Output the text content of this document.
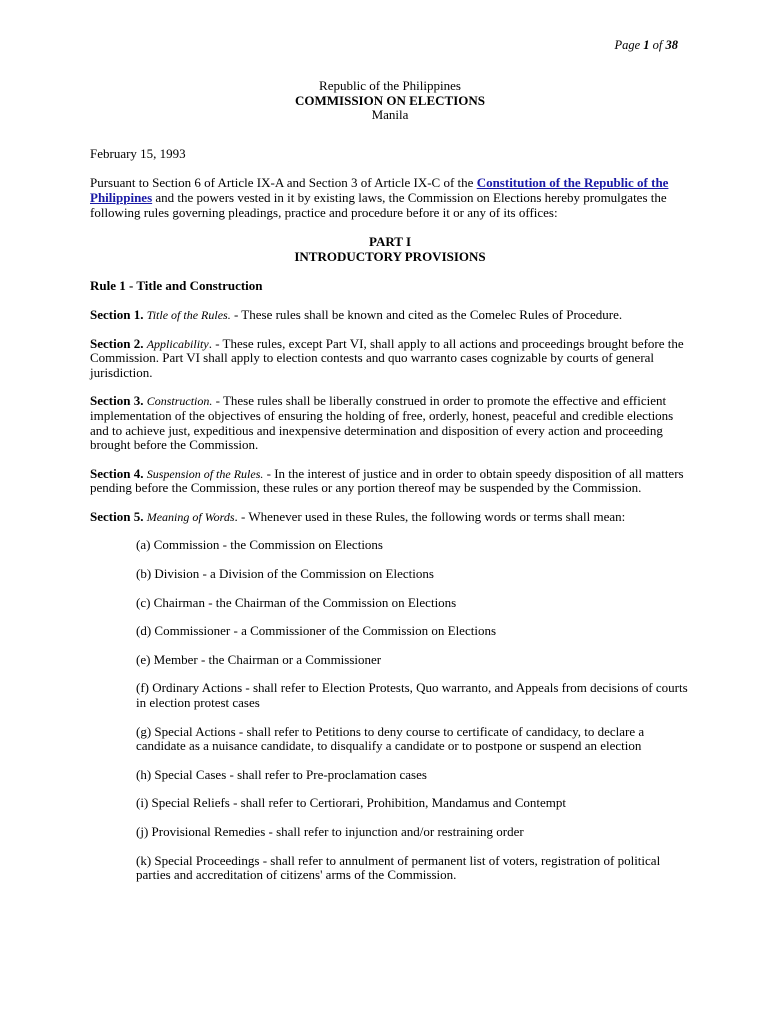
Page 1 of 38
Republic of the Philippines
COMMISSION ON ELECTIONS
Manila

February 15, 1993

Pursuant to Section 6 of Article IX-A and Section 3 of Article IX-C of the Constitution of the Republic of the Philippines and the powers vested in it by existing laws, the Commission on Elections hereby promulgates the following rules governing pleadings, practice and procedure before it or any of its offices:

PART I
INTRODUCTORY PROVISIONS

Rule 1 - Title and Construction

Section 1. Title of the Rules. - These rules shall be known and cited as the Comelec Rules of Procedure.

Section 2. Applicability. - These rules, except Part VI, shall apply to all actions and proceedings brought before the Commission. Part VI shall apply to election contests and quo warranto cases cognizable by courts of general jurisdiction.

Section 3. Construction. - These rules shall be liberally construed in order to promote the effective and efficient implementation of the objectives of ensuring the holding of free, orderly, honest, peaceful and credible elections and to achieve just, expeditious and inexpensive determination and disposition of every action and proceeding brought before the Commission.

Section 4. Suspension of the Rules. - In the interest of justice and in order to obtain speedy disposition of all matters pending before the Commission, these rules or any portion thereof may be suspended by the Commission.

Section 5. Meaning of Words. - Whenever used in these Rules, the following words or terms shall mean:

(a) Commission - the Commission on Elections

(b) Division - a Division of the Commission on Elections

(c) Chairman - the Chairman of the Commission on Elections

(d) Commissioner - a Commissioner of the Commission on Elections

(e) Member - the Chairman or a Commissioner

(f) Ordinary Actions - shall refer to Election Protests, Quo warranto, and Appeals from decisions of courts in election protest cases

(g) Special Actions - shall refer to Petitions to deny course to certificate of candidacy, to declare a candidate as a nuisance candidate, to disqualify a candidate or to postpone or suspend an election

(h) Special Cases - shall refer to Pre-proclamation cases

(i) Special Reliefs - shall refer to Certiorari, Prohibition, Mandamus and Contempt

(j) Provisional Remedies - shall refer to injunction and/or restraining order

(k) Special Proceedings - shall refer to annulment of permanent list of voters, registration of political parties and accreditation of citizens' arms of the Commission.
